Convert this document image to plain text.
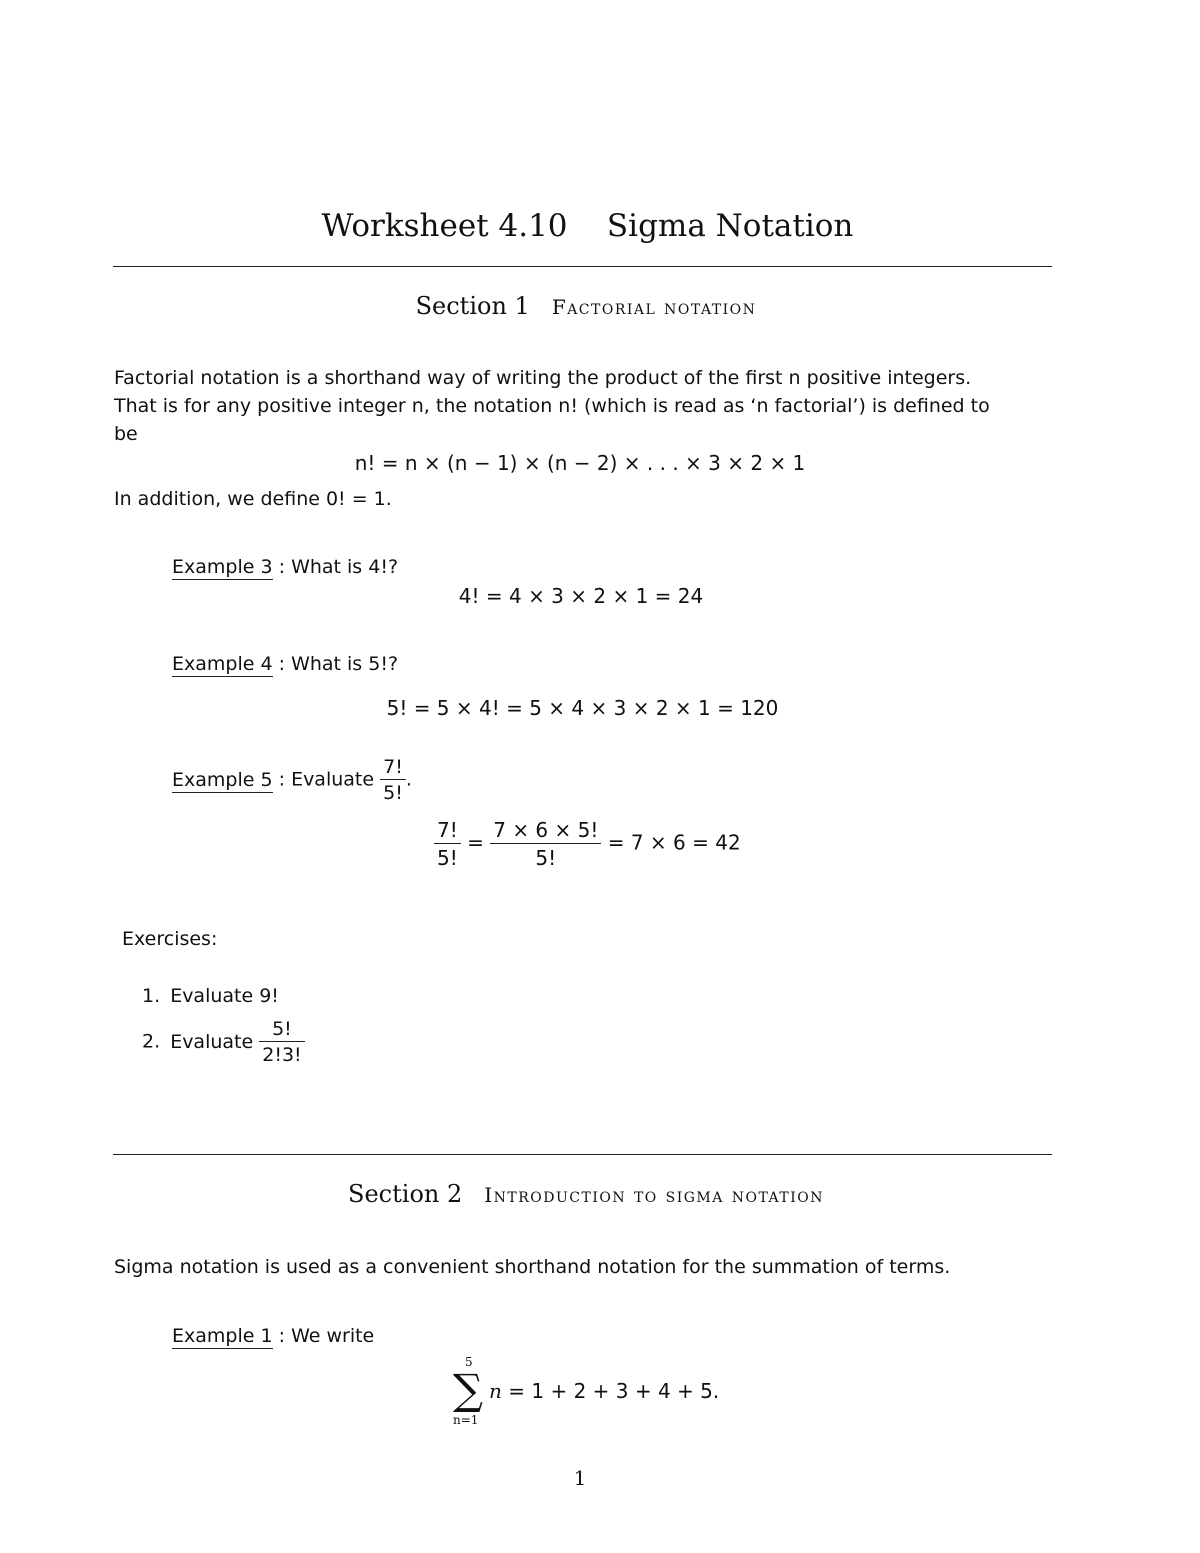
Worksheet 4.10    Sigma Notation
Section 1 Factorial notation
Factorial notation is a shorthand way of writing the product of the first n positive integers.
That is for any positive integer n, the notation n! (which is read as ‘n factorial’) is defined to
be
n! = n × (n − 1) × (n − 2) × . . . × 3 × 2 × 1
In addition, we define 0! = 1.
Example 3 : What is 4!?
4! = 4 × 3 × 2 × 1 = 24
Example 4 : What is 5!?
5! = 5 × 4! = 5 × 4 × 3 × 2 × 1 = 120
Example 5 : Evaluate $\frac{7!}{5!}$ .
$\frac{7!}{5!} = \frac{7 \times 6 \times 5!}{5!} = 7 \times 6 = 42$
Exercises:
1. Evaluate 9!
2. Evaluate $\frac{5!}{2!3!}$
Section 2 Introduction to sigma notation
Sigma notation is used as a convenient shorthand notation for the summation of terms.
Example 1 : We write
5
∑
n=1
n = 1 + 2 + 3 + 4 + 5.
1
